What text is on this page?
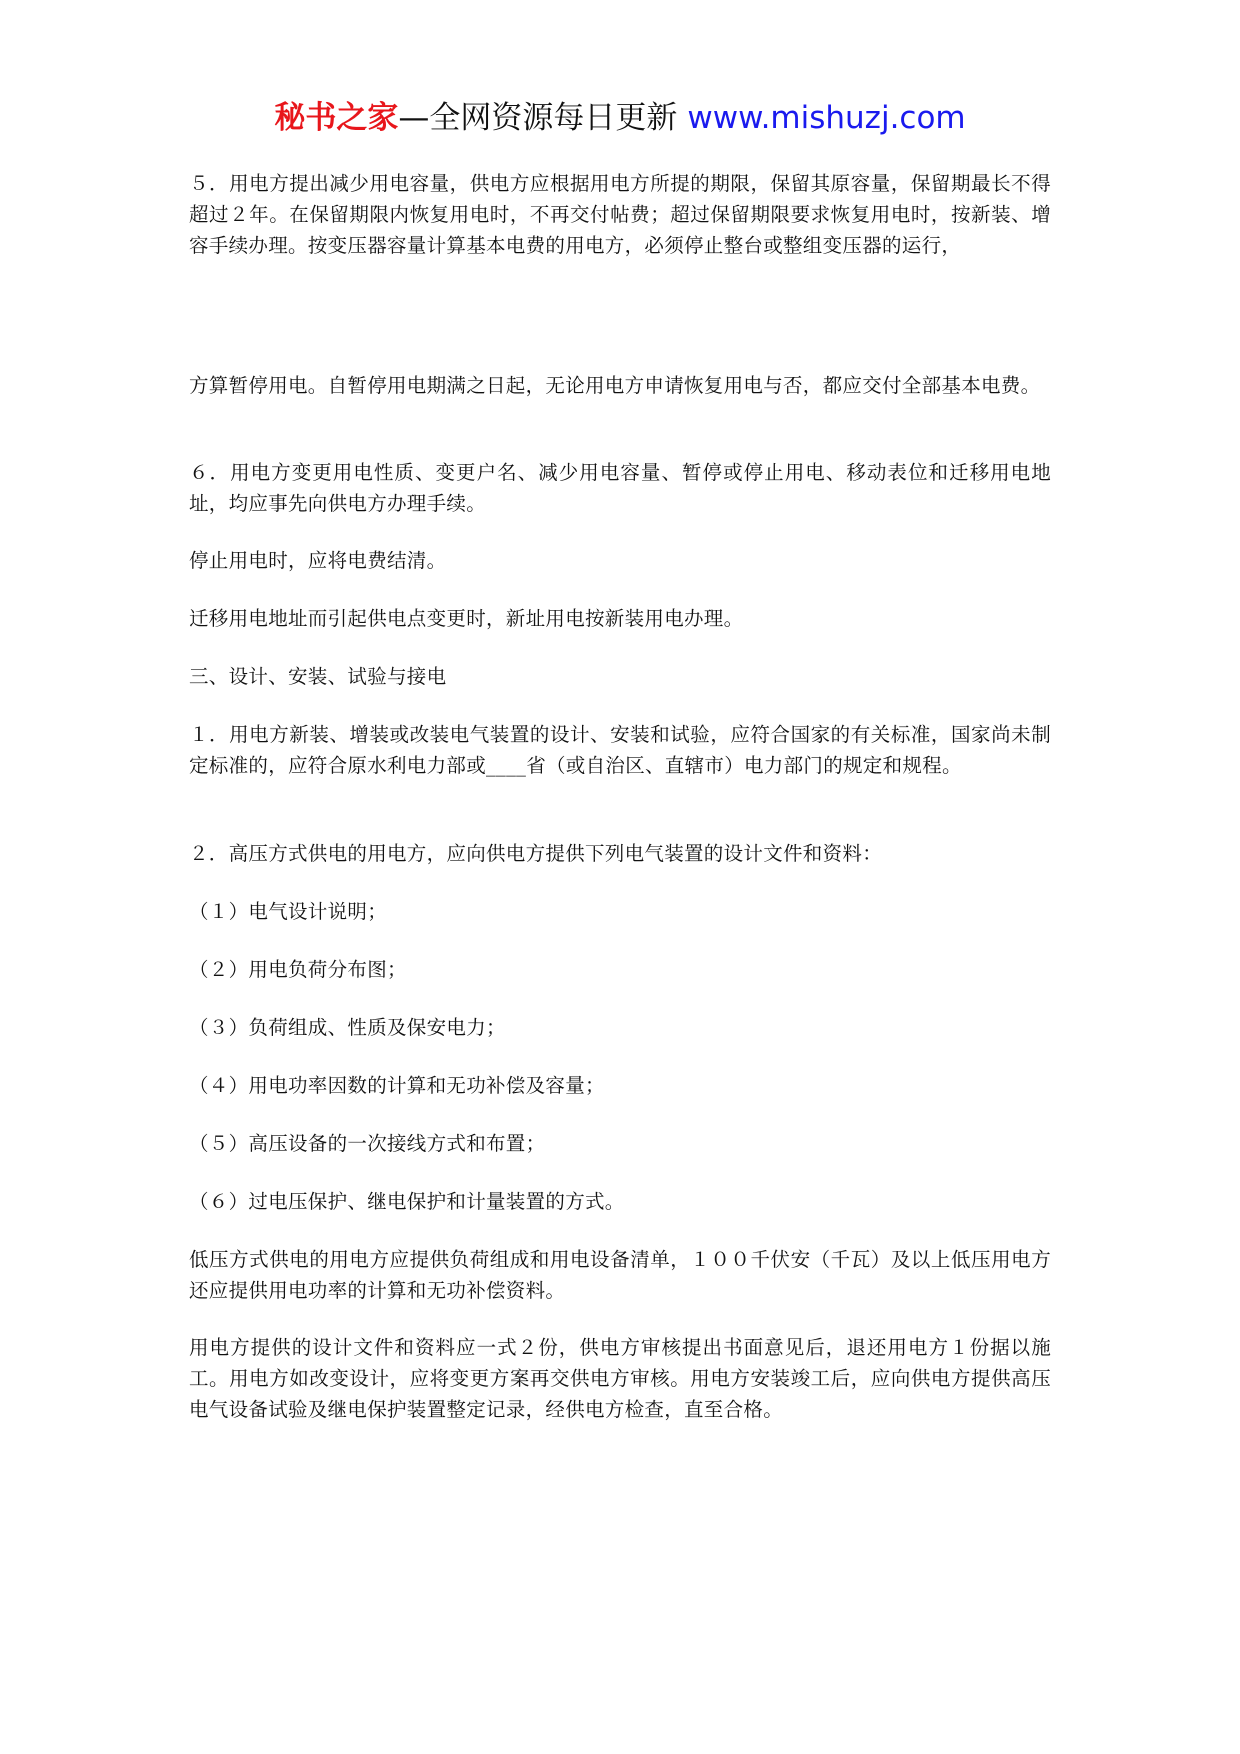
秘书之家—全网资源每日更新 www.mishuzj.com

５．用电方提出减少用电容量，供电方应根据用电方所提的期限，保留其原容量，保留期最长不得超过２年。在保留期限内恢复用电时，不再交付帖费；超过保留期限要求恢复用电时，按新装、增容手续办理。按变压器容量计算基本电费的用电方，必须停止整台或整组变压器的运行，

方算暂停用电。自暂停用电期满之日起，无论用电方申请恢复用电与否，都应交付全部基本电费。

６．用电方变更用电性质、变更户名、减少用电容量、暂停或停止用电、移动表位和迁移用电地址，均应事先向供电方办理手续。

停止用电时，应将电费结清。

迁移用电地址而引起供电点变更时，新址用电按新装用电办理。

三、设计、安装、试验与接电

１．用电方新装、增装或改装电气装置的设计、安装和试验，应符合国家的有关标准，国家尚未制定标准的，应符合原水利电力部或____省（或自治区、直辖市）电力部门的规定和规程。

２．高压方式供电的用电方，应向供电方提供下列电气装置的设计文件和资料：

（１）电气设计说明；

（２）用电负荷分布图；

（３）负荷组成、性质及保安电力；

（４）用电功率因数的计算和无功补偿及容量；

（５）高压设备的一次接线方式和布置；

（６）过电压保护、继电保护和计量装置的方式。

低压方式供电的用电方应提供负荷组成和用电设备清单，１００千伏安（千瓦）及以上低压用电方还应提供用电功率的计算和无功补偿资料。

用电方提供的设计文件和资料应一式２份，供电方审核提出书面意见后，退还用电方１份据以施工。用电方如改变设计，应将变更方案再交供电方审核。用电方安装竣工后，应向供电方提供高压电气设备试验及继电保护装置整定记录，经供电方检查，直至合格。
